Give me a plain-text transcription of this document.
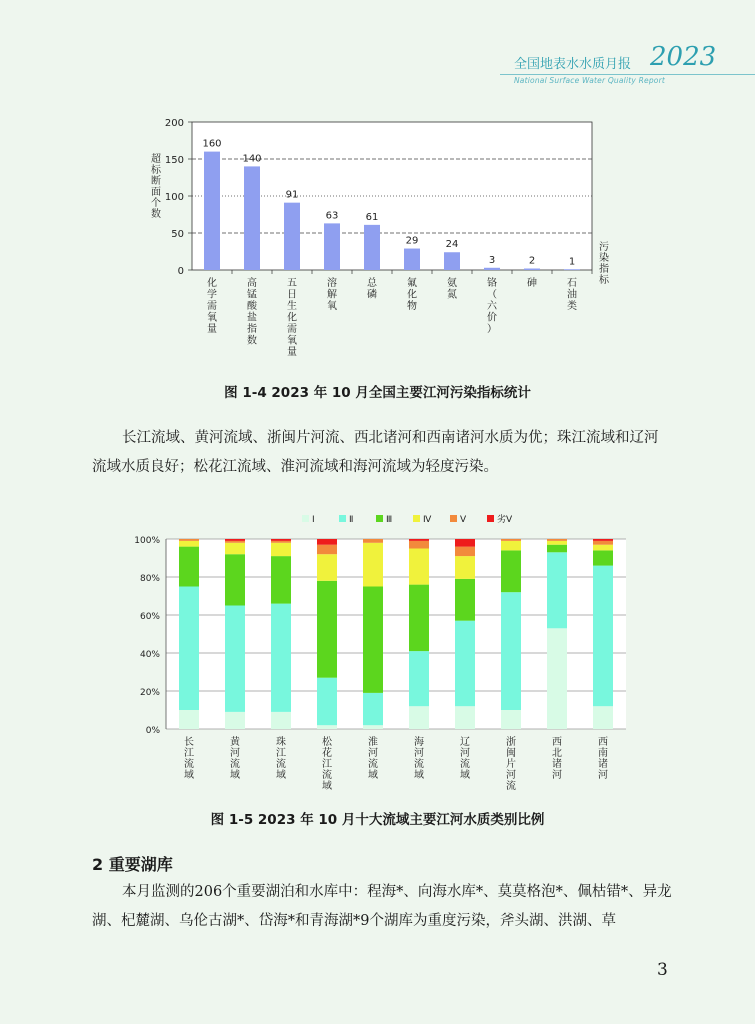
全国地表水水质月报 2023
National Surface Water Quality Report
0
50
100
150
200
超
标
断
面
个
数
160
化
学
需
氧
量
140
高
锰
酸
盐
指
数
91
五
日
生
化
需
氧
量
63
溶
解
氧
61
总
磷
29
氟
化
物
24
氨
氮
3
铬
（
六
价
）
2
砷
1
石
油
类
污
染
指
标
图 1-4 2023 年 10 月全国主要江河污染指标统计
长江流域、黄河流域、浙闽片河流、西北诸河和西南诸河水质为优；珠江流域和辽河流域水质良好；松花江流域、淮河流域和海河流域为轻度污染。
0%
20%
40%
60%
80%
100%
Ⅰ	Ⅱ	Ⅲ	Ⅳ	Ⅴ	劣Ⅴ
长
江
流
域
黄
河
流
域
珠
江
流
域
松
花
江
流
域
淮
河
流
域
海
河
流
域
辽
河
流
域
浙
闽
片
河
流
西
北
诸
河
西
南
诸
河
图 1-5 2023 年 10 月十大流域主要江河水质类别比例
2 重要湖库
本月监测的206个重要湖泊和水库中：程海*、向海水库*、莫莫格泡*、佩枯错*、异龙湖、杞麓湖、乌伦古湖*、岱海*和青海湖*9个湖库为重度污染，斧头湖、洪湖、草
3
